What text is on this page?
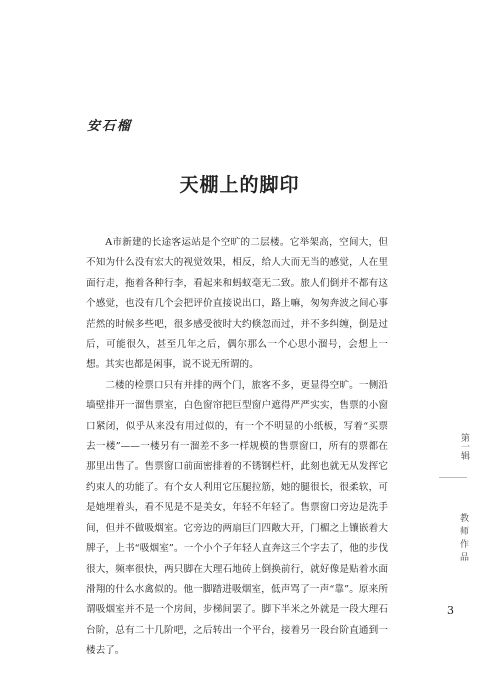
安石榴
天棚上的脚印

A市新建的长途客运站是个空旷的二层楼。它举架高，空间大，但不知为什么没有宏大的视觉效果，相反，给人大而无当的感觉，人在里面行走，拖着各种行李，看起来和蚂蚁毫无二致。旅人们倒并不都有这个感觉，也没有几个会把评价直接说出口，路上嘛，匆匆奔波之间心事茫然的时候多些吧，很多感受彼时大约倏忽而过，并不多纠缠，倒是过后，可能很久，甚至几年之后，偶尔那么一个心思小溜号，会想上一想。其实也都是闲事，说不说无所谓的。

二楼的检票口只有并排的两个门，旅客不多，更显得空旷。一侧沿墙壁排开一溜售票室，白色窗帘把巨型窗户遮得严严实实，售票的小窗口紧闭，似乎从来没有用过似的，有一个不明显的小纸板，写着“买票去一楼”——一楼另有一溜差不多一样规模的售票窗口，所有的票都在那里出售了。售票窗口前面密排着的不锈钢栏杆，此刻也就无从发挥它约束人的功能了。有个女人利用它压腿拉筋，她的腿很长，很柔软，可是她埋着头，看不见是不是美女，年轻不年轻了。售票窗口旁边是洗手间，但并不做吸烟室。它旁边的两扇巨门四敞大开，门楣之上镶嵌着大牌子，上书“吸烟室”。一个小个子年轻人直奔这三个字去了，他的步伐很大，频率很快，两只脚在大理石地砖上倒换前行，就好像是贴着水面滑翔的什么水禽似的。他一脚踏进吸烟室，低声骂了一声“靠”。原来所谓吸烟室并不是一个房间，步梯间罢了。脚下半米之外就是一段大理石台阶，总有二十几阶吧，之后转出一个平台，接着另一段台阶直通到一楼去了。

第一辑
教师作品
3
